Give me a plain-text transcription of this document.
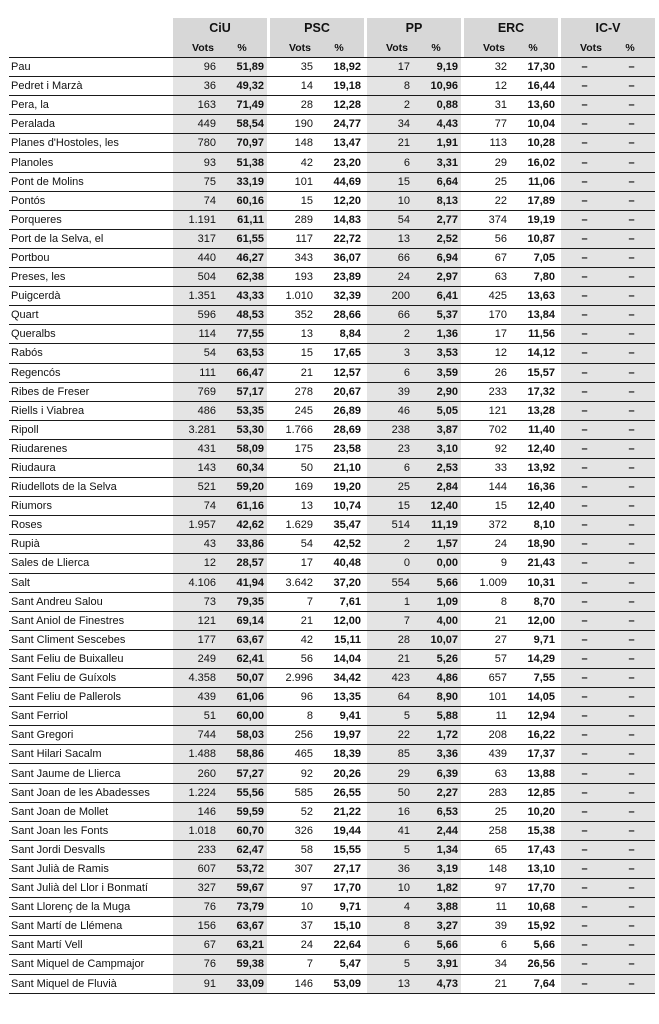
	CiU			PSC			PP			ERC			IC-V	
	Vots	%		Vots	%		Vots	%		Vots	%		Vots	%
Pau	96	51,89		35	18,92		17	9,19		32	17,30		–	–
Pedret i Marzà	36	49,32		14	19,18		8	10,96		12	16,44		–	–
Pera, la	163	71,49		28	12,28		2	0,88		31	13,60		–	–
Peralada	449	58,54		190	24,77		34	4,43		77	10,04		–	–
Planes d'Hostoles, les	780	70,97		148	13,47		21	1,91		113	10,28		–	–
Planoles	93	51,38		42	23,20		6	3,31		29	16,02		–	–
Pont de Molins	75	33,19		101	44,69		15	6,64		25	11,06		–	–
Pontós	74	60,16		15	12,20		10	8,13		22	17,89		–	–
Porqueres	1.191	61,11		289	14,83		54	2,77		374	19,19		–	–
Port de la Selva, el	317	61,55		117	22,72		13	2,52		56	10,87		–	–
Portbou	440	46,27		343	36,07		66	6,94		67	7,05		–	–
Preses, les	504	62,38		193	23,89		24	2,97		63	7,80		–	–
Puigcerdà	1.351	43,33		1.010	32,39		200	6,41		425	13,63		–	–
Quart	596	48,53		352	28,66		66	5,37		170	13,84		–	–
Queralbs	114	77,55		13	8,84		2	1,36		17	11,56		–	–
Rabós	54	63,53		15	17,65		3	3,53		12	14,12		–	–
Regencós	111	66,47		21	12,57		6	3,59		26	15,57		–	–
Ribes de Freser	769	57,17		278	20,67		39	2,90		233	17,32		–	–
Riells i Viabrea	486	53,35		245	26,89		46	5,05		121	13,28		–	–
Ripoll	3.281	53,30		1.766	28,69		238	3,87		702	11,40		–	–
Riudarenes	431	58,09		175	23,58		23	3,10		92	12,40		–	–
Riudaura	143	60,34		50	21,10		6	2,53		33	13,92		–	–
Riudellots de la Selva	521	59,20		169	19,20		25	2,84		144	16,36		–	–
Riumors	74	61,16		13	10,74		15	12,40		15	12,40		–	–
Roses	1.957	42,62		1.629	35,47		514	11,19		372	8,10		–	–
Rupià	43	33,86		54	42,52		2	1,57		24	18,90		–	–
Sales de Llierca	12	28,57		17	40,48		0	0,00		9	21,43		–	–
Salt	4.106	41,94		3.642	37,20		554	5,66		1.009	10,31		–	–
Sant Andreu Salou	73	79,35		7	7,61		1	1,09		8	8,70		–	–
Sant Aniol de Finestres	121	69,14		21	12,00		7	4,00		21	12,00		–	–
Sant Climent Sescebes	177	63,67		42	15,11		28	10,07		27	9,71		–	–
Sant Feliu de Buixalleu	249	62,41		56	14,04		21	5,26		57	14,29		–	–
Sant Feliu de Guíxols	4.358	50,07		2.996	34,42		423	4,86		657	7,55		–	–
Sant Feliu de Pallerols	439	61,06		96	13,35		64	8,90		101	14,05		–	–
Sant Ferriol	51	60,00		8	9,41		5	5,88		11	12,94		–	–
Sant Gregori	744	58,03		256	19,97		22	1,72		208	16,22		–	–
Sant Hilari Sacalm	1.488	58,86		465	18,39		85	3,36		439	17,37		–	–
Sant Jaume de Llierca	260	57,27		92	20,26		29	6,39		63	13,88		–	–
Sant Joan de les Abadesses	1.224	55,56		585	26,55		50	2,27		283	12,85		–	–
Sant Joan de Mollet	146	59,59		52	21,22		16	6,53		25	10,20		–	–
Sant Joan les Fonts	1.018	60,70		326	19,44		41	2,44		258	15,38		–	–
Sant Jordi Desvalls	233	62,47		58	15,55		5	1,34		65	17,43		–	–
Sant Julià de Ramis	607	53,72		307	27,17		36	3,19		148	13,10		–	–
Sant Julià del Llor i Bonmatí	327	59,67		97	17,70		10	1,82		97	17,70		–	–
Sant Llorenç de la Muga	76	73,79		10	9,71		4	3,88		11	10,68		–	–
Sant Martí de Llémena	156	63,67		37	15,10		8	3,27		39	15,92		–	–
Sant Martí Vell	67	63,21		24	22,64		6	5,66		6	5,66		–	–
Sant Miquel de Campmajor	76	59,38		7	5,47		5	3,91		34	26,56		–	–
Sant Miquel de Fluvià	91	33,09		146	53,09		13	4,73		21	7,64		–	–
